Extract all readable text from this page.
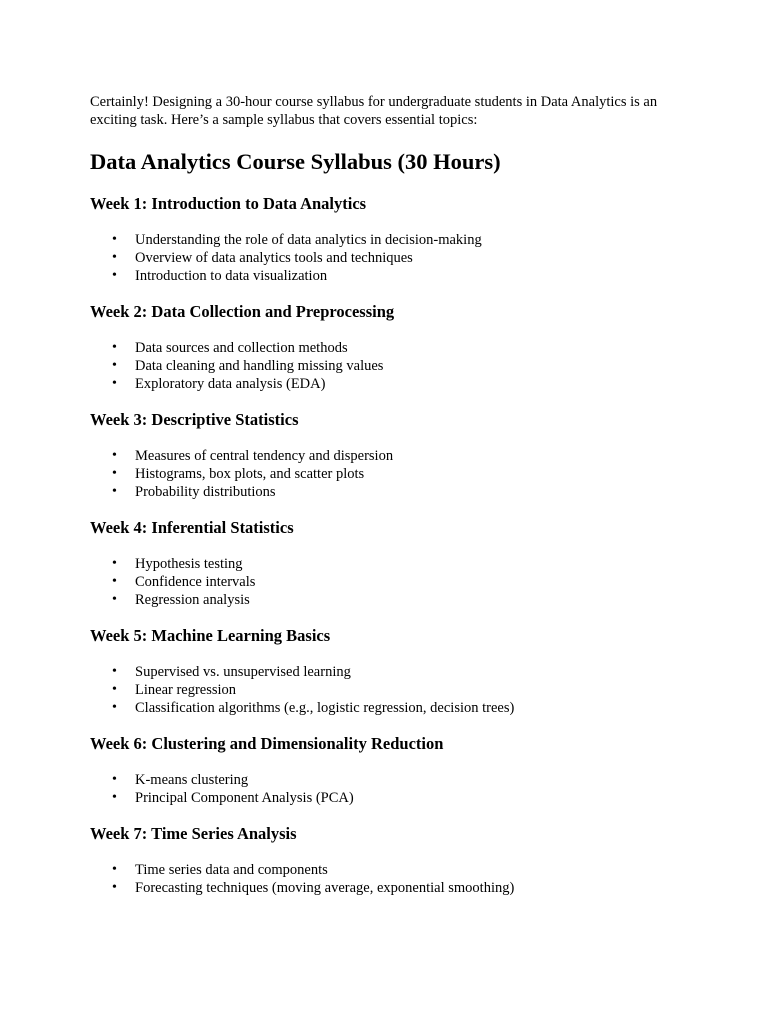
Certainly! Designing a 30-hour course syllabus for undergraduate students in Data Analytics is an exciting task. Here’s a sample syllabus that covers essential topics:

Data Analytics Course Syllabus (30 Hours)
Week 1: Introduction to Data Analytics
• Understanding the role of data analytics in decision-making
• Overview of data analytics tools and techniques
• Introduction to data visualization
Week 2: Data Collection and Preprocessing
• Data sources and collection methods
• Data cleaning and handling missing values
• Exploratory data analysis (EDA)
Week 3: Descriptive Statistics
• Measures of central tendency and dispersion
• Histograms, box plots, and scatter plots
• Probability distributions
Week 4: Inferential Statistics
• Hypothesis testing
• Confidence intervals
• Regression analysis
Week 5: Machine Learning Basics
• Supervised vs. unsupervised learning
• Linear regression
• Classification algorithms (e.g., logistic regression, decision trees)
Week 6: Clustering and Dimensionality Reduction
• K-means clustering
• Principal Component Analysis (PCA)
Week 7: Time Series Analysis
• Time series data and components
• Forecasting techniques (moving average, exponential smoothing)
